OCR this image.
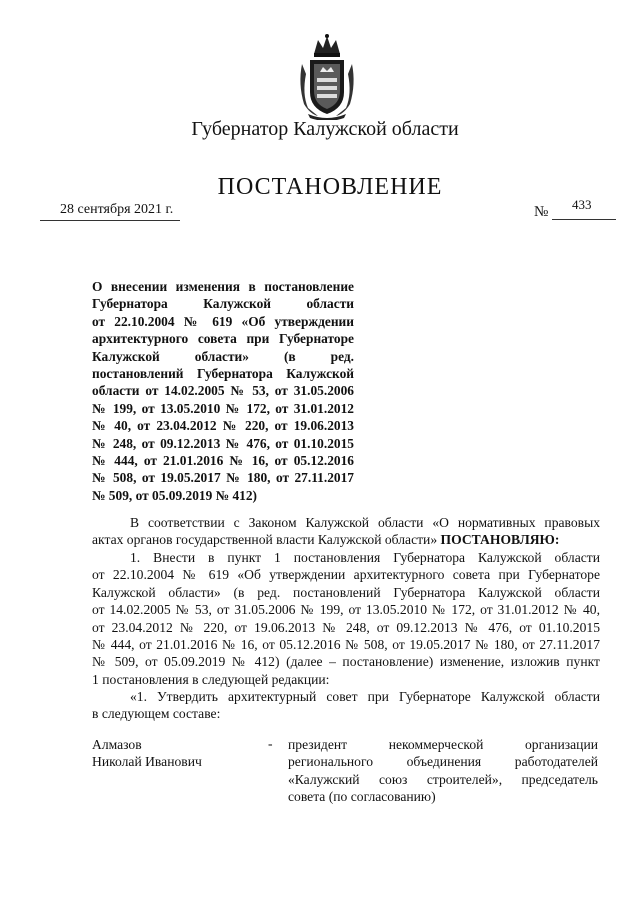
Губернатор Калужской области
ПОСТАНОВЛЕНИЕ
28 сентября 2021 г.	№ 433
О внесении изменения в постановление
Губернатора Калужской области
от 22.10.2004 № 619 «Об утверждении
архитектурного совета при Губернаторе
Калужской области» (в ред.
постановлений Губернатора Калужской
области от 14.02.2005 № 53, от 31.05.2006
№ 199, от 13.05.2010 № 172, от 31.01.2012
№ 40, от 23.04.2012 № 220, от 19.06.2013
№ 248, от 09.12.2013 № 476, от 01.10.2015
№ 444, от 21.01.2016 № 16, от 05.12.2016
№ 508, от 19.05.2017 № 180, от 27.11.2017
№ 509, от 05.09.2019 № 412)
В соответствии с Законом Калужской области «О нормативных правовых
актах органов государственной власти Калужской области» ПОСТАНОВЛЯЮ:
1. Внести в пункт 1 постановления Губернатора Калужской области
от 22.10.2004 № 619 «Об утверждении архитектурного совета при Губернаторе
Калужской области» (в ред. постановлений Губернатора Калужской области
от 14.02.2005 № 53, от 31.05.2006 № 199, от 13.05.2010 № 172, от 31.01.2012 № 40,
от 23.04.2012 № 220, от 19.06.2013 № 248, от 09.12.2013 № 476, от 01.10.2015
№ 444, от 21.01.2016 № 16, от 05.12.2016 № 508, от 19.05.2017 № 180, от 27.11.2017
№ 509, от 05.09.2019 № 412) (далее – постановление) изменение, изложив пункт
1 постановления в следующей редакции:
«1. Утвердить архитектурный совет при Губернаторе Калужской области
в следующем составе:
Алмазов
Николай Иванович
- президент некоммерческой организации
регионального объединения работодателей
«Калужский союз строителей», председатель
совета (по согласованию)
